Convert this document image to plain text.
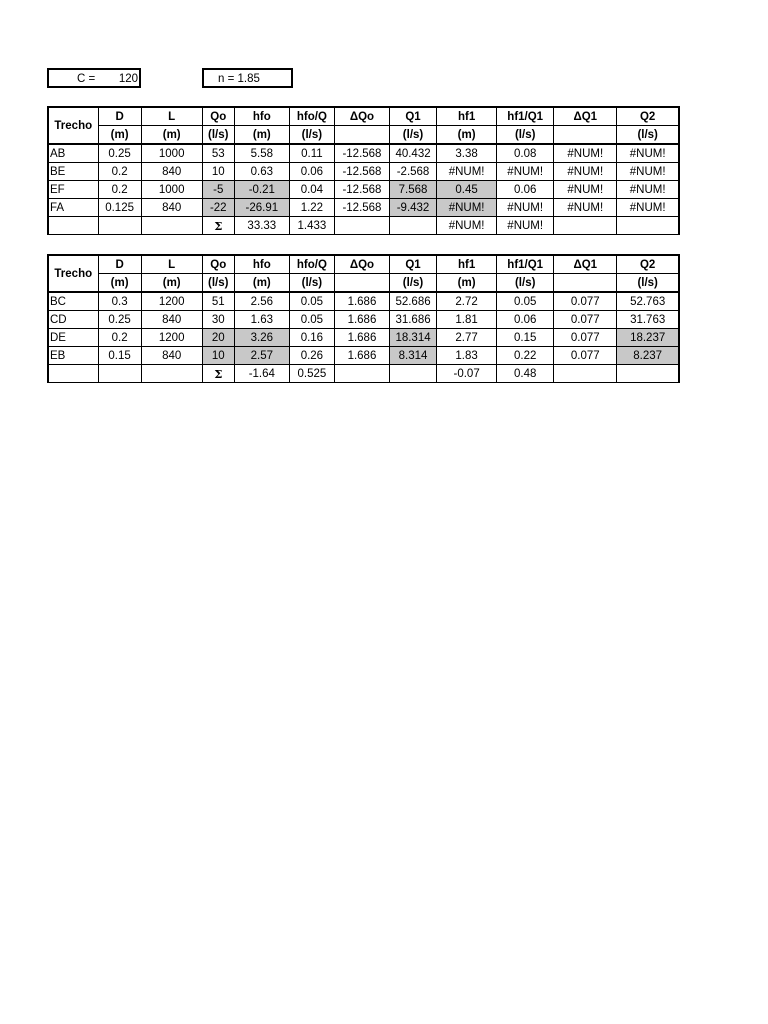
C = 120	n = 1.85
Trecho	D	L	Qo	hfo	hfo/Q	ΔQo	Q1	hf1	hf1/Q1	ΔQ1	Q2
	(m)	(m)	(l/s)	(m)	(l/s)		(l/s)	(m)	(l/s)		(l/s)
AB	0.25	1000	53	5.58	0.11	-12.568	40.432	3.38	0.08	#NUM!	#NUM!
BE	0.2	840	10	0.63	0.06	-12.568	-2.568	#NUM!	#NUM!	#NUM!	#NUM!
EF	0.2	1000	-5	-0.21	0.04	-12.568	7.568	0.45	0.06	#NUM!	#NUM!
FA	0.125	840	-22	-26.91	1.22	-12.568	-9.432	#NUM!	#NUM!	#NUM!	#NUM!
			Σ	33.33	1.433			#NUM!	#NUM!		
Trecho	D	L	Qo	hfo	hfo/Q	ΔQo	Q1	hf1	hf1/Q1	ΔQ1	Q2
	(m)	(m)	(l/s)	(m)	(l/s)		(l/s)	(m)	(l/s)		(l/s)
BC	0.3	1200	51	2.56	0.05	1.686	52.686	2.72	0.05	0.077	52.763
CD	0.25	840	30	1.63	0.05	1.686	31.686	1.81	0.06	0.077	31.763
DE	0.2	1200	20	3.26	0.16	1.686	18.314	2.77	0.15	0.077	18.237
EB	0.15	840	10	2.57	0.26	1.686	8.314	1.83	0.22	0.077	8.237
			Σ	-1.64	0.525			-0.07	0.48		
